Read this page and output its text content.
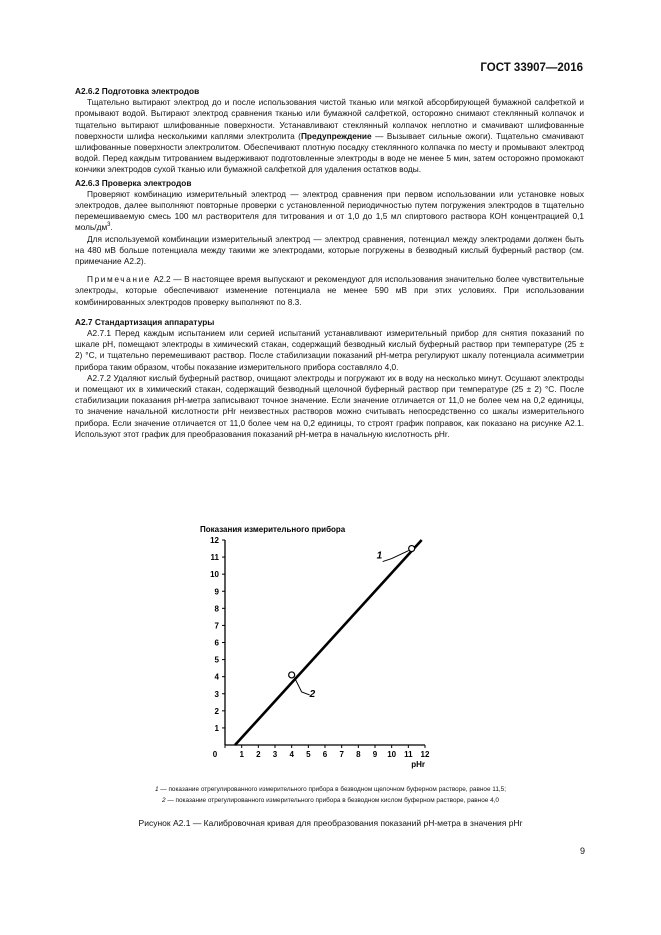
ГОСТ 33907—2016

A2.6.2 Подготовка электродов

Тщательно вытирают электрод до и после использования чистой тканью или мягкой абсорбирующей бумажной салфеткой и промывают водой. Вытирают электрод сравнения тканью или бумажной салфеткой, осторожно снимают стеклянный колпачок и тщательно вытирают шлифованные поверхности. Устанавливают стеклянный колпачок неплотно и смачивают шлифованные поверхности шлифа несколькими каплями электролита (Предупреждение — Вызывает сильные ожоги). Тщательно смачивают шлифованные поверхности электролитом. Обеспечивают плотную посадку стеклянного колпачка по месту и промывают электрод водой. Перед каждым титрованием выдерживают подготовленные электроды в воде не менее 5 мин, затем осторожно промокают кончики электродов сухой тканью или бумажной салфеткой для удаления остатков воды.

A2.6.3 Проверка электродов

Проверяют комбинацию измерительный электрод — электрод сравнения при первом использовании или установке новых электродов, далее выполняют повторные проверки с установленной периодичностью путем погружения электродов в тщательно перемешиваемую смесь 100 мл растворителя для титрования и от 1,0 до 1,5 мл спиртового раствора КОН концентрацией 0,1 моль/$дм^3$.

Для используемой комбинации измерительный электрод — электрод сравнения, потенциал между электродами должен быть на 480 мВ больше потенциала между такими же электродами, которые погружены в безводный кислый буферный раствор (см. примечание A2.2).

Примечание A2.2 — В настоящее время выпускают и рекомендуют для использования значительно более чувствительные электроды, которые обеспечивают изменение потенциала не менее 590 мВ при этих условиях. При использовании комбинированных электродов проверку выполняют по 8.3.

A2.7 Стандартизация аппаратуры

A2.7.1 Перед каждым испытанием или серией испытаний устанавливают измерительный прибор для снятия показаний по шкале pH, помещают электроды в химический стакан, содержащий безводный кислый буферный раствор при температуре (25 ± 2) °C, и тщательно перемешивают раствор. После стабилизации показаний pH-метра регулируют шкалу потенциала асимметрии прибора таким образом, чтобы показание измерительного прибора составляло 4,0.

A2.7.2 Удаляют кислый буферный раствор, очищают электроды и погружают их в воду на несколько минут. Осушают электроды и помещают их в химический стакан, содержащий безводный щелочной буферный раствор при температуре (25 ± 2) °C. После стабилизации показания pH-метра записывают точное значение. Если значение отличается от 11,0 не более чем на 0,2 единицы, то значение начальной кислотности pHr неизвестных растворов можно считывать непосредственно со шкалы измерительного прибора. Если значение отличается от 11,0 более чем на 0,2 единицы, то строят график поправок, как показано на рисунке A2.1. Используют этот график для преобразования показаний pH-метра в начальную кислотность pHr.

Показания измерительного прибора
0	1 2 3 4 5 6 7 8 9 10 11 12
1
2
3
4
5
6
7
8
9
10
11
12
pHr
1
2
1 — показание отрегулированного измерительного прибора в безводном щелочном буферном растворе, равное 11,5;
2 — показание отрегулированного измерительного прибора в безводном кислом буферном растворе, равное 4,0
Рисунок A2.1 — Калибровочная кривая для преобразования показаний pH-метра в значения pHr
9
